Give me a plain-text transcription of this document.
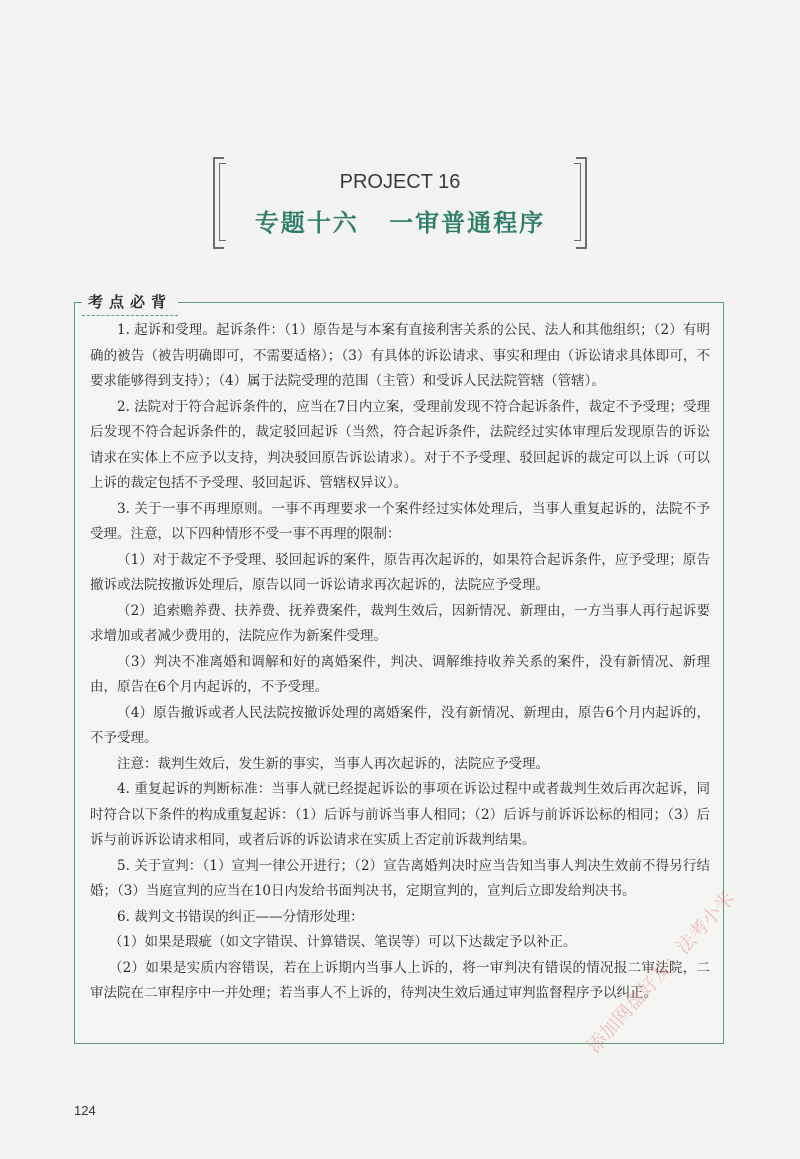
PROJECT 16
专题十六 一审普通程序
考点必背

1. 起诉和受理。起诉条件：（1）原告是与本案有直接利害关系的公民、法人和其他组织；（2）有明确的被告（被告明确即可，不需要适格）；（3）有具体的诉讼请求、事实和理由（诉讼请求具体即可，不要求能够得到支持）；（4）属于法院受理的范围（主管）和受诉人民法院管辖（管辖）。

2. 法院对于符合起诉条件的，应当在7日内立案，受理前发现不符合起诉条件，裁定不予受理；受理后发现不符合起诉条件的，裁定驳回起诉（当然，符合起诉条件，法院经过实体审理后发现原告的诉讼请求在实体上不应予以支持，判决驳回原告诉讼请求）。对于不予受理、驳回起诉的裁定可以上诉（可以上诉的裁定包括不予受理、驳回起诉、管辖权异议）。

3. 关于一事不再理原则。一事不再理要求一个案件经过实体处理后，当事人重复起诉的，法院不予受理。注意，以下四种情形不受一事不再理的限制：

（1）对于裁定不予受理、驳回起诉的案件，原告再次起诉的，如果符合起诉条件，应予受理；原告撤诉或法院按撤诉处理后，原告以同一诉讼请求再次起诉的，法院应予受理。

（2）追索赡养费、扶养费、抚养费案件，裁判生效后，因新情况、新理由，一方当事人再行起诉要求增加或者减少费用的，法院应作为新案件受理。

（3）判决不准离婚和调解和好的离婚案件，判决、调解维持收养关系的案件，没有新情况、新理由，原告在6个月内起诉的，不予受理。

（4）原告撤诉或者人民法院按撤诉处理的离婚案件，没有新情况、新理由，原告6个月内起诉的，不予受理。

注意：裁判生效后，发生新的事实，当事人再次起诉的，法院应予受理。

4. 重复起诉的判断标准：当事人就已经提起诉讼的事项在诉讼过程中或者裁判生效后再次起诉，同时符合以下条件的构成重复起诉：（1）后诉与前诉当事人相同；（2）后诉与前诉诉讼标的相同；（3）后诉与前诉诉讼请求相同，或者后诉的诉讼请求在实质上否定前诉裁判结果。

5. 关于宣判：（1）宣判一律公开进行；（2）宣告离婚判决时应当告知当事人判决生效前不得另行结婚；（3）当庭宣判的应当在10日内发给书面判决书，定期宣判的，宣判后立即发给判决书。

6. 裁判文书错误的纠正——分情形处理：

（1）如果是瑕疵（如文字错误、计算错误、笔误等）可以下达裁定予以补正。

（2）如果是实质内容错误，若在上诉期内当事人上诉的，将一审判决有错误的情况报二审法院，二审法院在二审程序中一并处理；若当事人不上诉的，待判决生效后通过审判监督程序予以纠正。

124
添加网盘好友：法考小米
